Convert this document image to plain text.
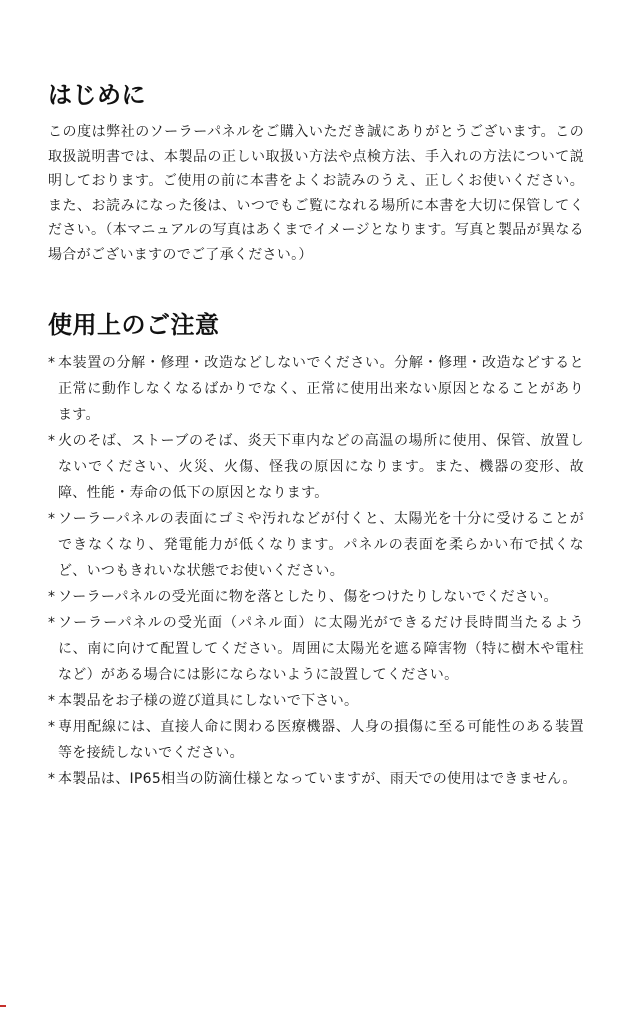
はじめに

この度は弊社のソーラーパネルをご購入いただき誠にありがとうございます。この取扱説明書では、本製品の正しい取扱い方法や点検方法、手入れの方法について説明しております。ご使用の前に本書をよくお読みのうえ、正しくお使いください。また、お読みになった後は、いつでもご覧になれる場所に本書を大切に保管してください。（本マニュアルの写真はあくまでイメージとなります。写真と製品が異なる場合がございますのでご了承ください。）

使用上のご注意
* 本装置の分解・修理・改造などしないでください。分解・修理・改造などすると正常に動作しなくなるばかりでなく、正常に使用出来ない原因となることがあります。
* 火のそば、ストーブのそば、炎天下車内などの高温の場所に使用、保管、放置しないでください、火災、火傷、怪我の原因になります。また、機器の変形、故障、性能・寿命の低下の原因となります。
* ソーラーパネルの表面にゴミや汚れなどが付くと、太陽光を十分に受けることができなくなり、発電能力が低くなります。パネルの表面を柔らかい布で拭くなど、いつもきれいな状態でお使いください。
* ソーラーパネルの受光面に物を落としたり、傷をつけたりしないでください。
* ソーラーパネルの受光面（パネル面）に太陽光ができるだけ長時間当たるように、南に向けて配置してください。周囲に太陽光を遮る障害物（特に樹木や電柱など）がある場合には影にならないように設置してください。
* 本製品をお子様の遊び道具にしないで下さい。
* 専用配線には、直接人命に関わる医療機器、人身の損傷に至る可能性のある装置等を接続しないでください。
* 本製品は、IP65相当の防滴仕様となっていますが、雨天での使用はできません。
